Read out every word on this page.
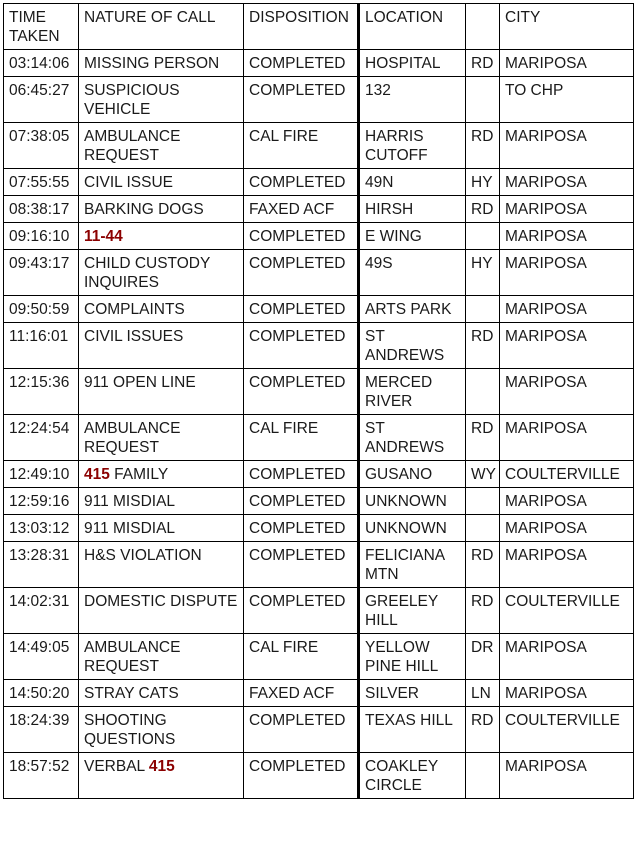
TIME TAKEN	NATURE OF CALL	DISPOSITION	LOCATION		CITY
03:14:06	MISSING PERSON	COMPLETED	HOSPITAL	RD	MARIPOSA
06:45:27	SUSPICIOUS VEHICLE	COMPLETED	132		TO CHP
07:38:05	AMBULANCE REQUEST	CAL FIRE	HARRIS CUTOFF	RD	MARIPOSA
07:55:55	CIVIL ISSUE	COMPLETED	49N	HY	MARIPOSA
08:38:17	BARKING DOGS	FAXED ACF	HIRSH	RD	MARIPOSA
09:16:10	11-44	COMPLETED	E WING		MARIPOSA
09:43:17	CHILD CUSTODY INQUIRES	COMPLETED	49S	HY	MARIPOSA
09:50:59	COMPLAINTS	COMPLETED	ARTS PARK		MARIPOSA
11:16:01	CIVIL ISSUES	COMPLETED	ST ANDREWS	RD	MARIPOSA
12:15:36	911 OPEN LINE	COMPLETED	MERCED RIVER		MARIPOSA
12:24:54	AMBULANCE REQUEST	CAL FIRE	ST ANDREWS	RD	MARIPOSA
12:49:10	415 FAMILY	COMPLETED	GUSANO	WY	COULTERVILLE
12:59:16	911 MISDIAL	COMPLETED	UNKNOWN		MARIPOSA
13:03:12	911 MISDIAL	COMPLETED	UNKNOWN		MARIPOSA
13:28:31	H&S VIOLATION	COMPLETED	FELICIANA MTN	RD	MARIPOSA
14:02:31	DOMESTIC DISPUTE	COMPLETED	GREELEY HILL	RD	COULTERVILLE
14:49:05	AMBULANCE REQUEST	CAL FIRE	YELLOW PINE HILL	DR	MARIPOSA
14:50:20	STRAY CATS	FAXED ACF	SILVER	LN	MARIPOSA
18:24:39	SHOOTING QUESTIONS	COMPLETED	TEXAS HILL	RD	COULTERVILLE
18:57:52	VERBAL 415	COMPLETED	COAKLEY CIRCLE		MARIPOSA
